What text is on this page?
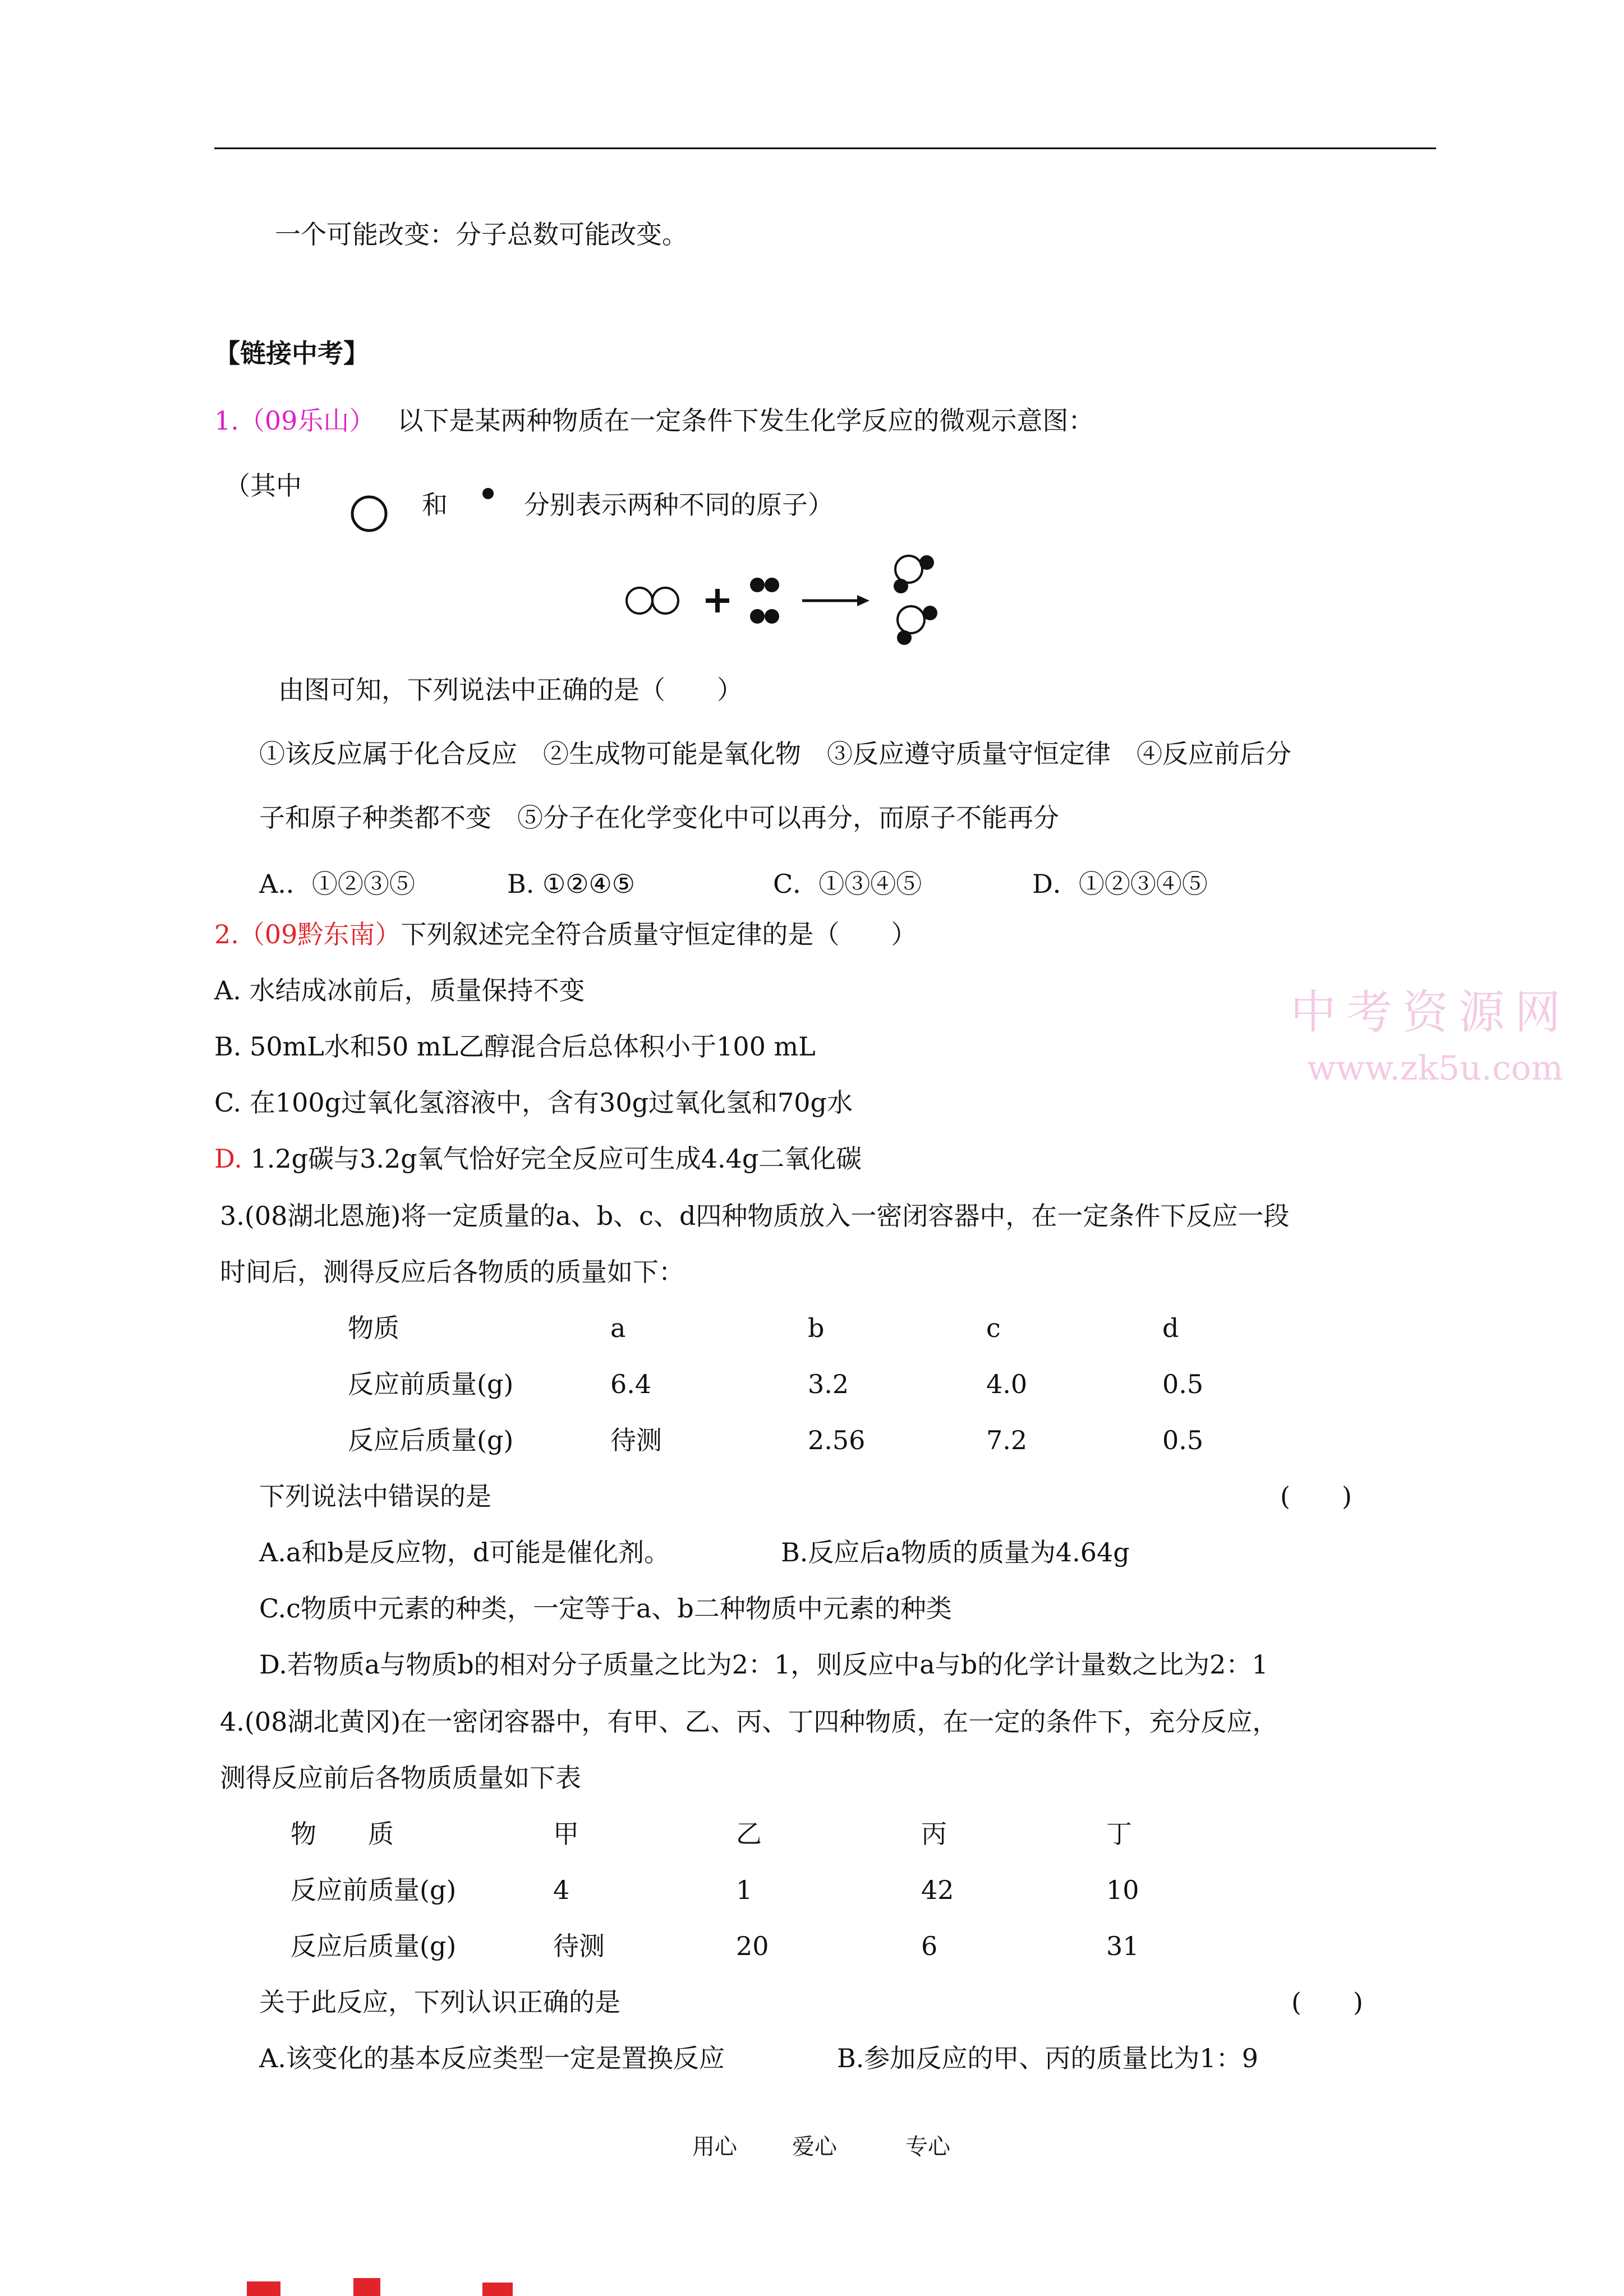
一个可能改变：分子总数可能改变。
【链接中考】
1.（09乐山） 以下是某两种物质在一定条件下发生化学反应的微观示意图：
（其中
和	分别表示两种不同的原子）
由图可知，下列说法中正确的是（　　）
①该反应属于化合反应　②生成物可能是氧化物　③反应遵守质量守恒定律　④反应前后分
子和原子种类都不变　⑤分子在化学变化中可以再分，而原子不能再分
A.．①②③⑤	B. ①②④⑤	C．①③④⑤	D．①②③④⑤
2.（09黔东南）下列叙述完全符合质量守恒定律的是（　　）
A. 水结成冰前后，质量保持不变
B. 50mL水和50 mL乙醇混合后总体积小于100 mL
C. 在100g过氧化氢溶液中，含有30g过氧化氢和70g水
D. 1.2g碳与3.2g氧气恰好完全反应可生成4.4g二氧化碳
中考资源网
www.zk5u.com
3.(08湖北恩施)将一定质量的a、b、c、d四种物质放入一密闭容器中，在一定条件下反应一段
时间后，测得反应后各物质的质量如下：
物质	a	b	c	d
反应前质量(g)	6.4	3.2	4.0	0.5
反应后质量(g)	待测	2.56	7.2	0.5
下列说法中错误的是	(　　)
A.a和b是反应物，d可能是催化剂。	B.反应后a物质的质量为4.64g
C.c物质中元素的种类，一定等于a、b二种物质中元素的种类
D.若物质a与物质b的相对分子质量之比为2：1，则反应中a与b的化学计量数之比为2：1
4.(08湖北黄冈)在一密闭容器中，有甲、乙、丙、丁四种物质，在一定的条件下，充分反应，
测得反应前后各物质质量如下表
物　　质	甲	乙	丙	丁
反应前质量(g)	4	1	42	10
反应后质量(g)	待测	20	6	31
关于此反应，下列认识正确的是	(　　)
A.该变化的基本反应类型一定是置换反应	B.参加反应的甲、丙的质量比为1：9
用心 爱心	专心
